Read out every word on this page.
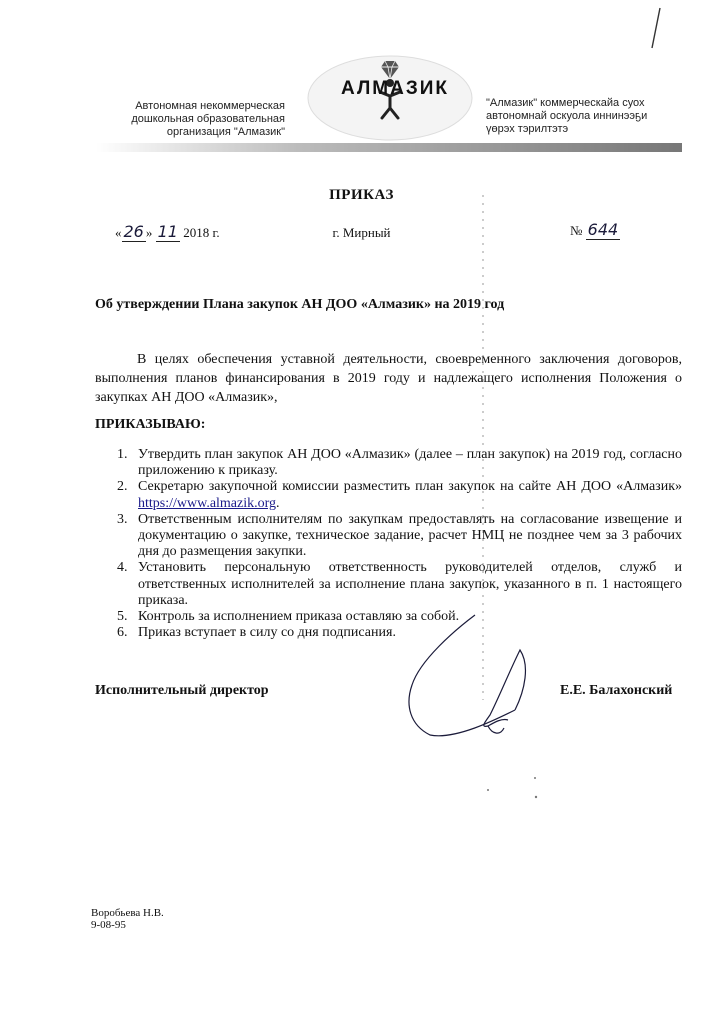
Автономная некоммерческая
дошкольная образовательная
организация "Алмазик"
АЛМАЗИК
"Алмазик" коммерческайа суох
автономнай оскуола иннинээҕи
үөрэх тэрилтэтэ
ПРИКАЗ
« 26 » 11 2018 г.	г. Мирный	№ 644
Об утверждении Плана закупок АН ДОО «Алмазик» на 2019 год
В целях обеспечения уставной деятельности, своевременного заключения договоров, выполнения планов финансирования в 2019 году и надлежащего исполнения Положения о закупках АН ДОО «Алмазик»,
ПРИКАЗЫВАЮ:
1. Утвердить план закупок АН ДОО «Алмазик» (далее – план закупок) на 2019 год, согласно приложению к приказу.
2. Секретарю закупочной комиссии разместить план закупок на сайте АН ДОО «Алмазик» https://www.almazik.org.
3. Ответственным исполнителям по закупкам предоставлять на согласование извещение и документацию о закупке, техническое задание, расчет НМЦ не позднее чем за 3 рабочих дня до размещения закупки.
4. Установить персональную ответственность руководителей отделов, служб и ответственных исполнителей за исполнение плана закупок, указанного в п. 1 настоящего приказа.
5. Контроль за исполнением приказа оставляю за собой.
6. Приказ вступает в силу со дня подписания.
Исполнительный директор	Е.Е. Балахонский
Воробьева Н.В.
9-08-95
